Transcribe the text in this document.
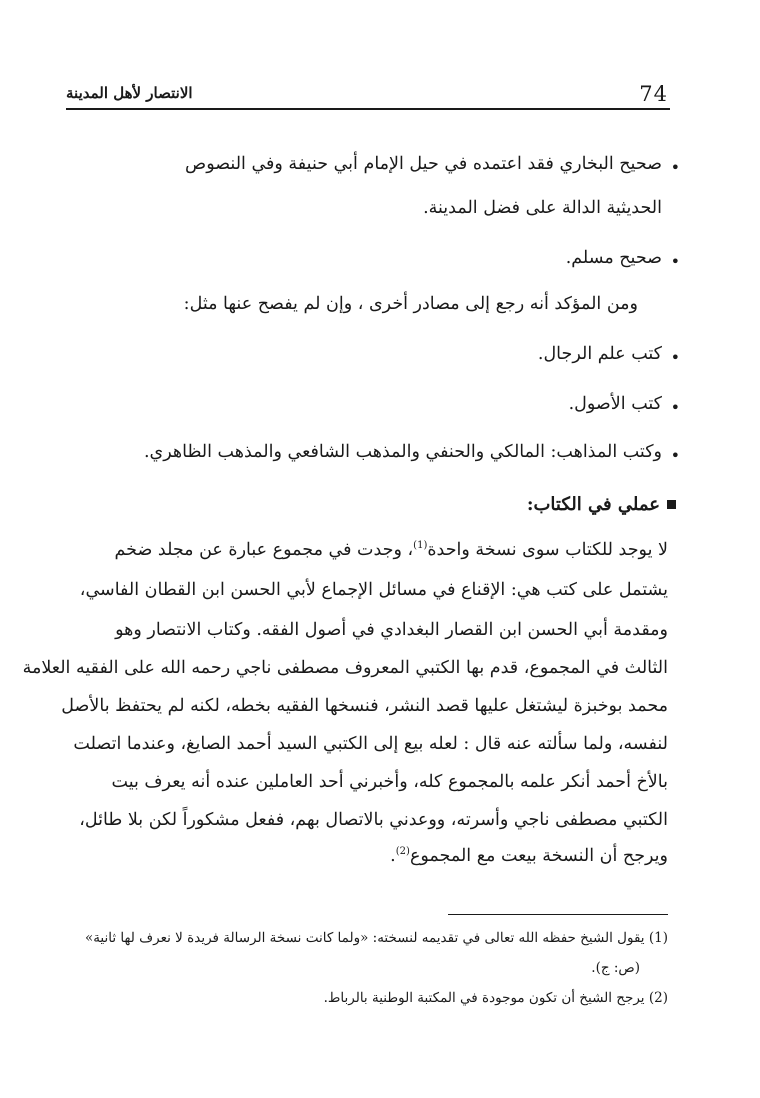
الانتصار لأهل المدينة	74
•
صحيح البخاري فقد اعتمده في حيل الإمام أبي حنيفة وفي النصوص
الحديثية الدالة على فضل المدينة.
•
صحيح مسلم.
ومن المؤكد أنه رجع إلى مصادر أخرى ، وإن لم يفصح عنها مثل:
•
كتب علم الرجال.
•
كتب الأصول.
•
وكتب المذاهب: المالكي والحنفي والمذهب الشافعي والمذهب الظاهري.
عملي في الكتاب:
لا يوجد للكتاب سوى نسخة واحدة$^{(1)}$، وجدت في مجموع عبارة عن مجلد ضخم
يشتمل على كتب هي: الإقناع في مسائل الإجماع لأبي الحسن ابن القطان الفاسي،
ومقدمة أبي الحسن ابن القصار البغدادي في أصول الفقه. وكتاب الانتصار وهو
الثالث في المجموع، قدم بها الكتبي المعروف مصطفى ناجي رحمه الله على الفقيه العلامة
محمد بوخبزة ليشتغل عليها قصد النشر، فنسخها الفقيه بخطه، لكنه لم يحتفظ بالأصل
لنفسه، ولما سألته عنه قال : لعله بيع إلى الكتبي السيد أحمد الصايغ، وعندما اتصلت
بالأخ أحمد أنكر علمه بالمجموع كله، وأخبرني أحد العاملين عنده أنه يعرف بيت
الكتبي مصطفى ناجي وأسرته، ووعدني بالاتصال بهم، ففعل مشكوراً لكن بلا طائل،
ويرجح أن النسخة بيعت مع المجموع$^{(2)}$.
(1) يقول الشيخ حفظه الله تعالى في تقديمه لنسخته: «ولما كانت نسخة الرسالة فريدة لا نعرف لها ثانية»
(ص: ج).
(2) يرجح الشيخ أن تكون موجودة في المكتبة الوطنية بالرباط.
